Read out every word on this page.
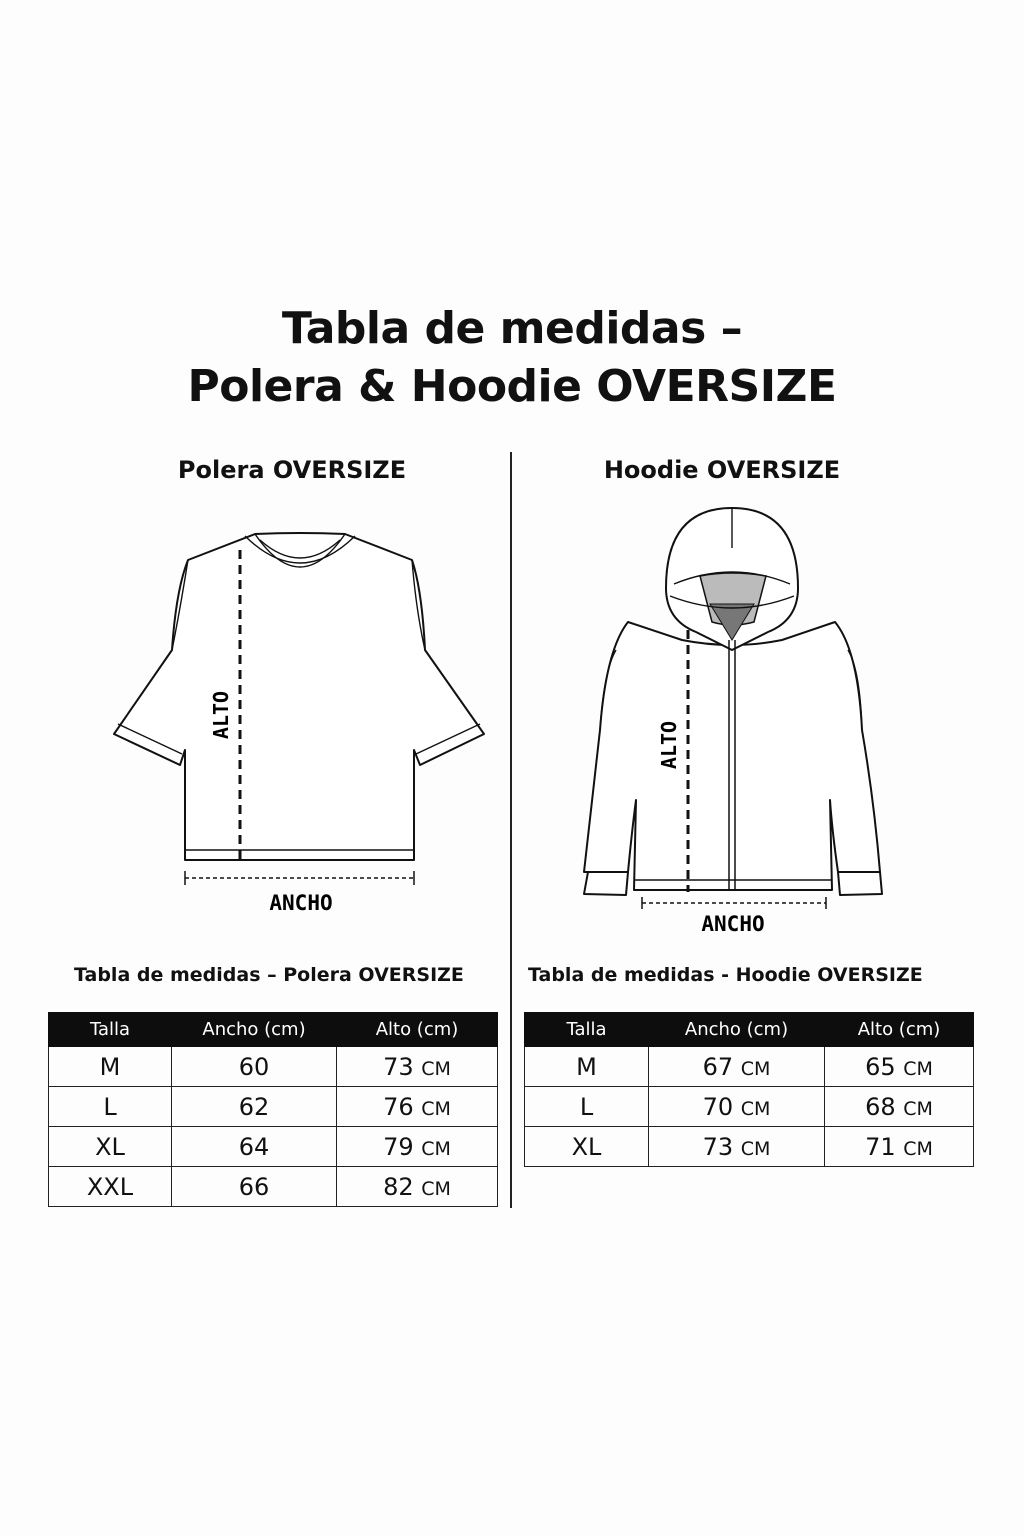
Tabla de medidas –
Polera & Hoodie OVERSIZE
Polera OVERSIZE	Hoodie OVERSIZE
ALTO
ANCHO
ALTO
ANCHO
Tabla de medidas – Polera OVERSIZE	Tabla de medidas - Hoodie OVERSIZE
Talla	Ancho (cm)	Alto (cm)
M	60	73 CM
L	62	76 CM
XL	64	79 CM
XXL	66	82 CM
Talla	Ancho (cm)	Alto (cm)
M	67 CM	65 CM
L	70 CM	68 CM
XL	73 CM	71 CM
